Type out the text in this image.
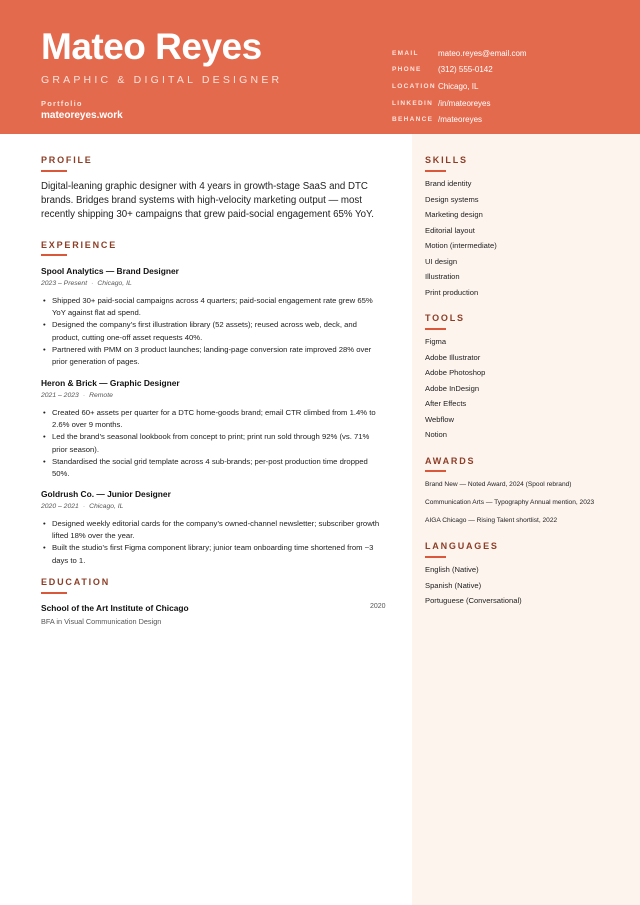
Mateo Reyes
GRAPHIC & DIGITAL DESIGNER
Portfolio
mateoreyes.work
EMAIL	mateo.reyes@email.com
PHONE	(312) 555-0142
LOCATION Chicago, IL
LINKEDIN /in/mateoreyes
BEHANCE /mateoreyes
PROFILE
Digital-leaning graphic designer with 4 years in growth-stage SaaS and DTC brands. Bridges brand systems with high-velocity marketing output — most recently shipping 30+ campaigns that grew paid-social engagement 65% YoY.
EXPERIENCE
Spool Analytics — Brand Designer
2023 – Present · Chicago, IL
• Shipped 30+ paid-social campaigns across 4 quarters; paid-social engagement rate grew 65% YoY against flat ad spend.
• Designed the company’s first illustration library (52 assets); reused across web, deck, and product, cutting one-off asset requests 40%.
• Partnered with PMM on 3 product launches; landing-page conversion rate improved 28% over prior generation of pages.
Heron & Brick — Graphic Designer
2021 – 2023 · Remote
• Created 60+ assets per quarter for a DTC home-goods brand; email CTR climbed from 1.4% to 2.6% over 9 months.
• Led the brand’s seasonal lookbook from concept to print; print run sold through 92% (vs. 71% prior season).
• Standardised the social grid template across 4 sub-brands; per-post production time dropped 50%.
Goldrush Co. — Junior Designer
2020 – 2021 · Chicago, IL
• Designed weekly editorial cards for the company’s owned-channel newsletter; subscriber growth lifted 18% over the year.
• Built the studio’s first Figma component library; junior team onboarding time shortened from ~3 days to 1.
EDUCATION
School of the Art Institute of Chicago	2020
BFA in Visual Communication Design
SKILLS
Brand identity
Design systems
Marketing design
Editorial layout
Motion (intermediate)
UI design
Illustration
Print production
TOOLS
Figma
Adobe Illustrator
Adobe Photoshop
Adobe InDesign
After Effects
Webflow
Notion
AWARDS
Brand New — Noted Award, 2024 (Spool rebrand)
Communication Arts — Typography Annual mention, 2023
AIGA Chicago — Rising Talent shortlist, 2022
LANGUAGES
English (Native)
Spanish (Native)
Portuguese (Conversational)
